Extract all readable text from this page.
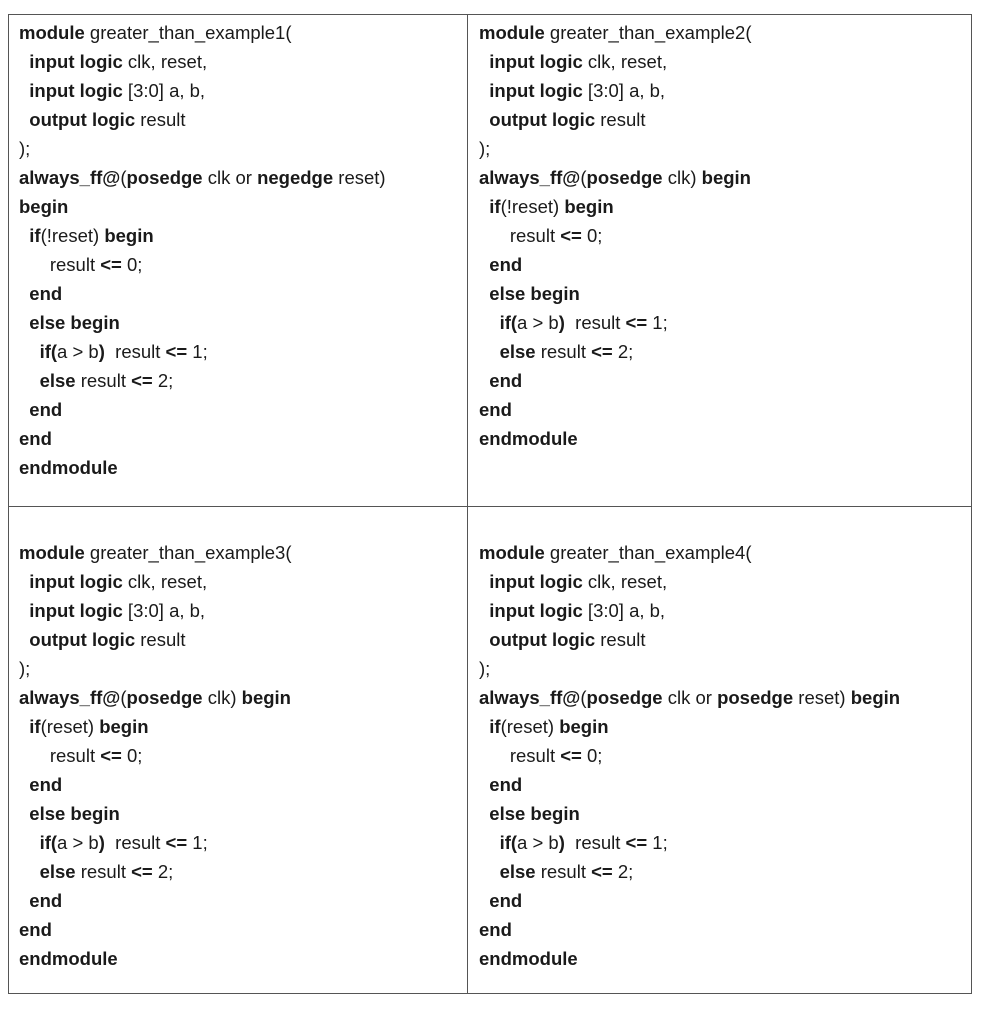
module greater_than_example1(
input logic clk, reset,
input logic [3:0] a, b,
output logic result
);
always_ff@(posedge clk or negedge reset)
begin
if(!reset) begin
result <= 0;
end
else begin
if(a > b)  result <= 1;
else result <= 2;
end
end
endmodule
module greater_than_example2(
input logic clk, reset,
input logic [3:0] a, b,
output logic result
);
always_ff@(posedge clk) begin
if(!reset) begin
result <= 0;
end
else begin
if(a > b)  result <= 1;
else result <= 2;
end
end
endmodule
module greater_than_example3(
input logic clk, reset,
input logic [3:0] a, b,
output logic result
);
always_ff@(posedge clk) begin
if(reset) begin
result <= 0;
end
else begin
if(a > b)  result <= 1;
else result <= 2;
end
end
endmodule
module greater_than_example4(
input logic clk, reset,
input logic [3:0] a, b,
output logic result
);
always_ff@(posedge clk or posedge reset) begin
if(reset) begin
result <= 0;
end
else begin
if(a > b)  result <= 1;
else result <= 2;
end
end
endmodule
